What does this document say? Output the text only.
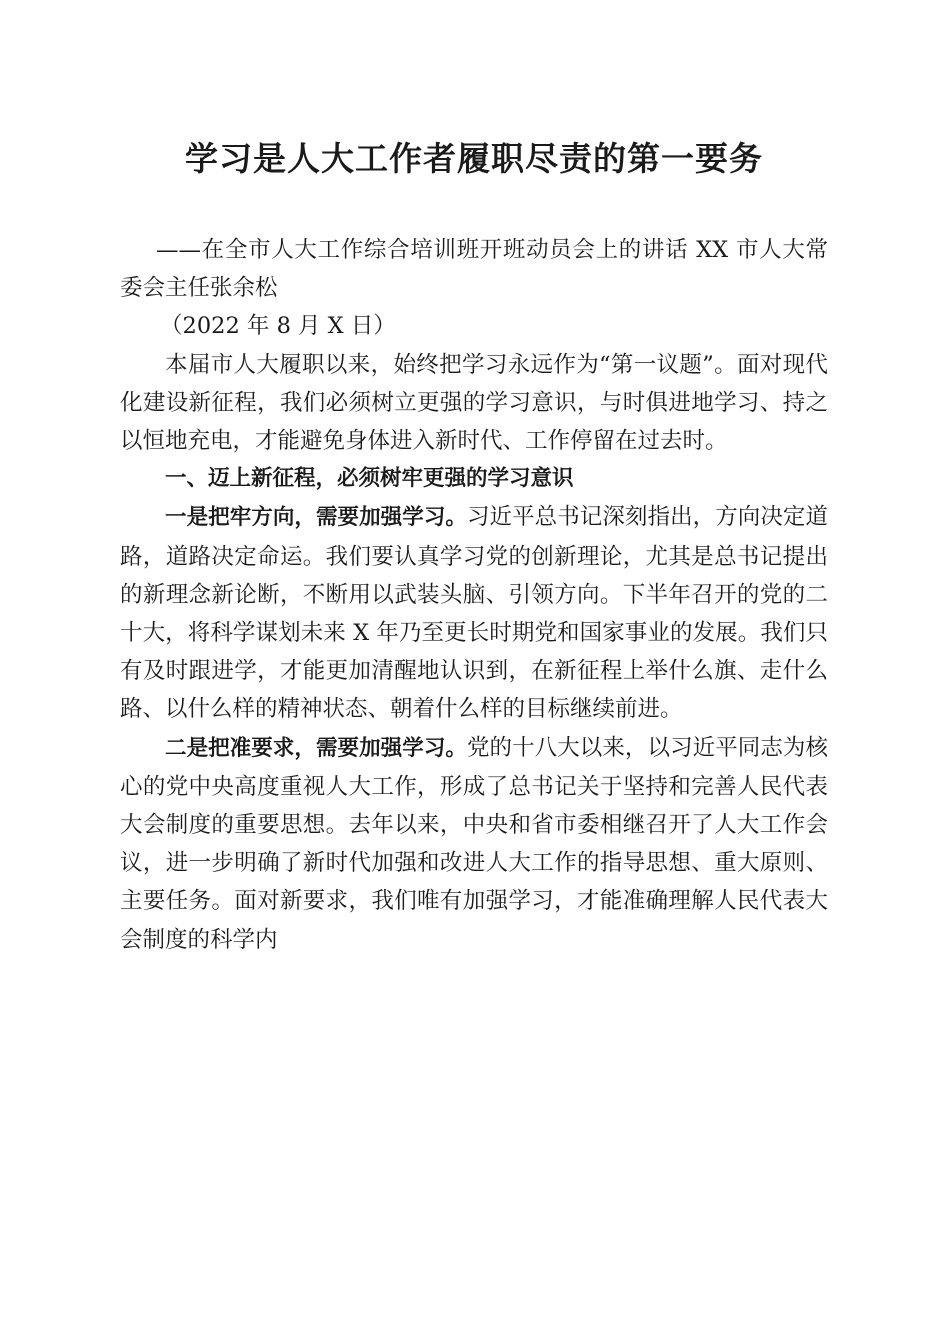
学习是人大工作者履职尽责的第一要务

——在全市人大工作综合培训班开班动员会上的讲话 XX 市人大常委会主任张余松

（2022 年 8 月 X 日）

本届市人大履职以来，始终把学习永远作为“第一议题”。面对现代化建设新征程，我们必须树立更强的学习意识，与时俱进地学习、持之以恒地充电，才能避免身体进入新时代、工作停留在过去时。

一、迈上新征程，必须树牢更强的学习意识

一是把牢方向，需要加强学习。习近平总书记深刻指出，方向决定道路，道路决定命运。我们要认真学习党的创新理论，尤其是总书记提出的新理念新论断，不断用以武装头脑、引领方向。下半年召开的党的二十大，将科学谋划未来 X 年乃至更长时期党和国家事业的发展。我们只有及时跟进学，才能更加清醒地认识到，在新征程上举什么旗、走什么路、以什么样的精神状态、朝着什么样的目标继续前进。

二是把准要求，需要加强学习。党的十八大以来，以习近平同志为核心的党中央高度重视人大工作，形成了总书记关于坚持和完善人民代表大会制度的重要思想。去年以来，中央和省市委相继召开了人大工作会议，进一步明确了新时代加强和改进人大工作的指导思想、重大原则、主要任务。面对新要求，我们唯有加强学习，才能准确理解人民代表大会制度的科学内
